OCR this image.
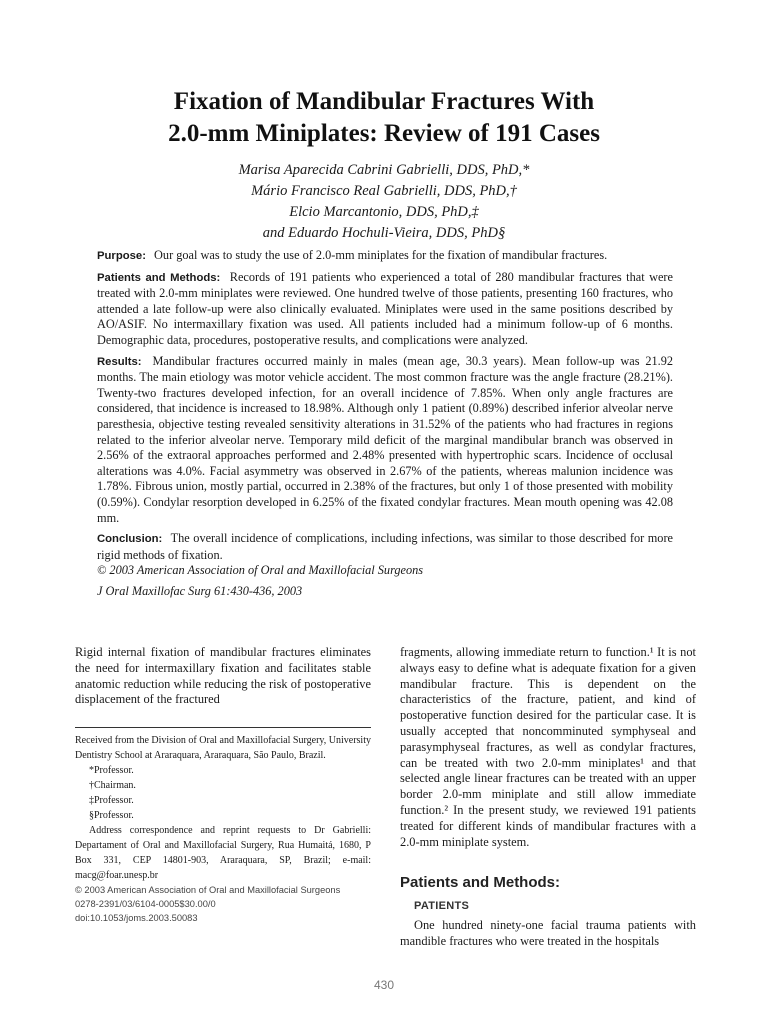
Fixation of Mandibular Fractures With
2.0-mm Miniplates: Review of 191 Cases
Marisa Aparecida Cabrini Gabrielli, DDS, PhD,*
Mário Francisco Real Gabrielli, DDS, PhD,†
Elcio Marcantonio, DDS, PhD,‡
and Eduardo Hochuli-Vieira, DDS, PhD§

Purpose: Our goal was to study the use of 2.0-mm miniplates for the fixation of mandibular fractures.

Patients and Methods: Records of 191 patients who experienced a total of 280 mandibular fractures that were treated with 2.0-mm miniplates were reviewed. One hundred twelve of those patients, presenting 160 fractures, who attended a late follow-up were also clinically evaluated. Miniplates were used in the same positions described by AO/ASIF. No intermaxillary fixation was used. All patients included had a minimum follow-up of 6 months. Demographic data, procedures, postoperative results, and complications were analyzed.

Results: Mandibular fractures occurred mainly in males (mean age, 30.3 years). Mean follow-up was 21.92 months. The main etiology was motor vehicle accident. The most common fracture was the angle fracture (28.21%). Twenty-two fractures developed infection, for an overall incidence of 7.85%. When only angle fractures are considered, that incidence is increased to 18.98%. Although only 1 patient (0.89%) described inferior alveolar nerve paresthesia, objective testing revealed sensitivity alterations in 31.52% of the patients who had fractures in regions related to the inferior alveolar nerve. Temporary mild deficit of the marginal mandibular branch was observed in 2.56% of the extraoral approaches performed and 2.48% presented with hypertrophic scars. Incidence of occlusal alterations was 4.0%. Facial asymmetry was observed in 2.67% of the patients, whereas malunion incidence was 1.78%. Fibrous union, mostly partial, occurred in 2.38% of the fractures, but only 1 of those presented with mobility (0.59%). Condylar resorption developed in 6.25% of the fixated condylar fractures. Mean mouth opening was 42.08 mm.

Conclusion: The overall incidence of complications, including infections, was similar to those described for more rigid methods of fixation.

© 2003 American Association of Oral and Maxillofacial Surgeons

J Oral Maxillofac Surg 61:430-436, 2003

Rigid internal fixation of mandibular fractures eliminates the need for intermaxillary fixation and facilitates stable anatomic reduction while reducing the risk of postoperative displacement of the fractured

Received from the Division of Oral and Maxillofacial Surgery, University Dentistry School at Araraquara, Araraquara, São Paulo, Brazil.

*Professor.

†Chairman.

‡Professor.

§Professor.

Address correspondence and reprint requests to Dr Gabrielli: Departament of Oral and Maxillofacial Surgery, Rua Humaitá, 1680, P Box 331, CEP 14801-903, Araraquara, SP, Brazil; e-mail: macg@foar.unesp.br

© 2003 American Association of Oral and Maxillofacial Surgeons

0278-2391/03/6104-0005$30.00/0

doi:10.1053/joms.2003.50083

fragments, allowing immediate return to function.¹ It is not always easy to define what is adequate fixation for a given mandibular fracture. This is dependent on the characteristics of the fracture, patient, and kind of postoperative function desired for the particular case. It is usually accepted that noncomminuted symphyseal and parasymphyseal fractures, as well as condylar fractures, can be treated with two 2.0-mm miniplates¹ and that selected angle linear fractures can be treated with an upper border 2.0-mm miniplate and still allow immediate function.² In the present study, we reviewed 191 patients treated for different kinds of mandibular fractures with a 2.0-mm miniplate system.

Patients and Methods:
PATIENTS

One hundred ninety-one facial trauma patients with mandible fractures who were treated in the hospitals

430
